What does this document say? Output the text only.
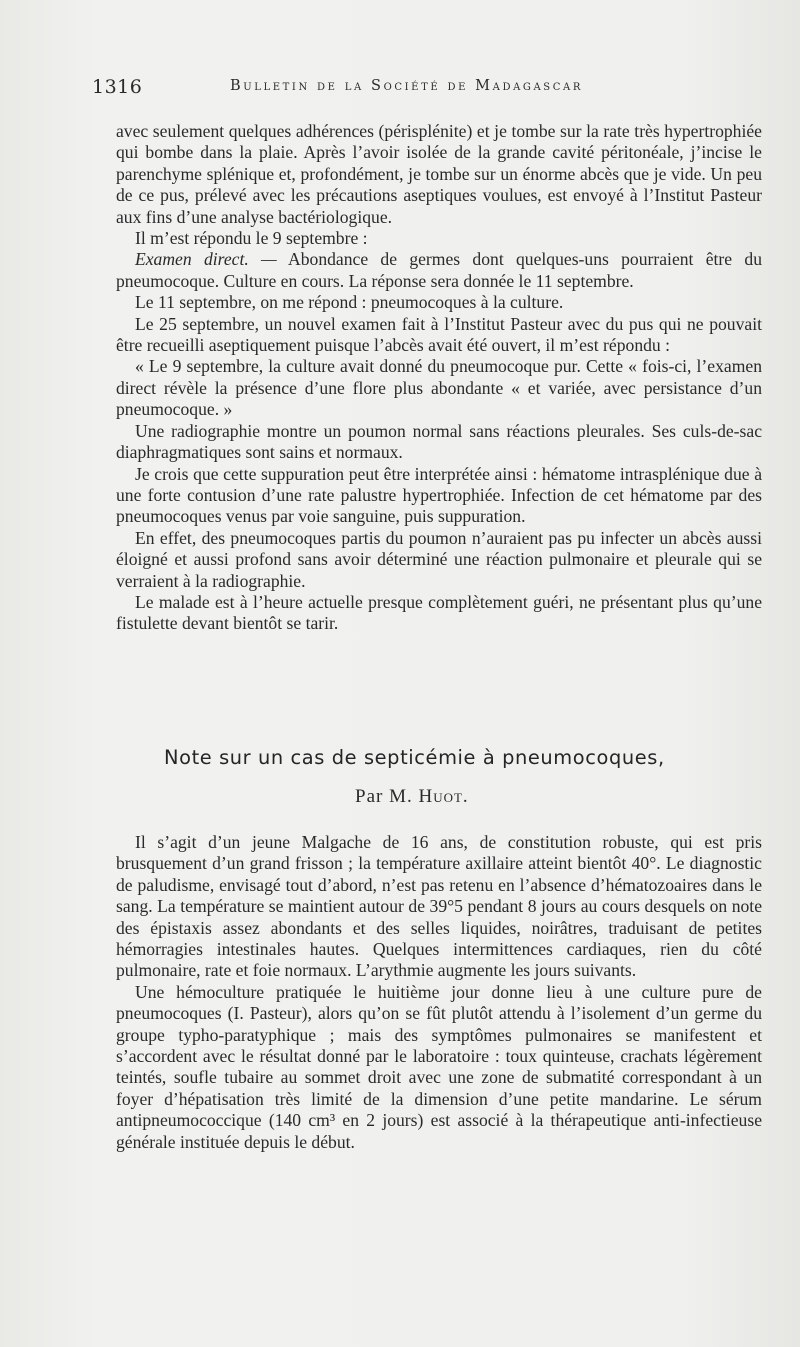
1316	Bulletin de la Société de Madagascar

avec seulement quelques adhérences (périsplénite) et je tombe sur la rate très hypertrophiée qui bombe dans la plaie. Après l’avoir isolée de la grande cavité péritonéale, j’incise le parenchyme splénique et, profondément, je tombe sur un énorme abcès que je vide. Un peu de ce pus, prélevé avec les précautions aseptiques voulues, est envoyé à l’Institut Pasteur aux fins d’une analyse bactériologique.

Il m’est répondu le 9 septembre :

Examen direct. — Abondance de germes dont quelques-uns pourraient être du pneumocoque. Culture en cours. La réponse sera donnée le 11 septembre.

Le 11 septembre, on me répond : pneumocoques à la culture.

Le 25 septembre, un nouvel examen fait à l’Institut Pasteur avec du pus qui ne pouvait être recueilli aseptiquement puisque l’abcès avait été ouvert, il m’est répondu :

« Le 9 septembre, la culture avait donné du pneumocoque pur. Cette « fois-ci, l’examen direct révèle la présence d’une flore plus abondante « et variée, avec persistance d’un pneumocoque. »

Une radiographie montre un poumon normal sans réactions pleurales. Ses culs-de-sac diaphragmatiques sont sains et normaux.

Je crois que cette suppuration peut être interprétée ainsi : hématome intrasplénique due à une forte contusion d’une rate palustre hypertrophiée. Infection de cet hématome par des pneumocoques venus par voie sanguine, puis suppuration.

En effet, des pneumocoques partis du poumon n’auraient pas pu infecter un abcès aussi éloigné et aussi profond sans avoir déterminé une réaction pulmonaire et pleurale qui se verraient à la radiographie.

Le malade est à l’heure actuelle presque complètement guéri, ne présentant plus qu’une fistulette devant bientôt se tarir.

Note sur un cas de septicémie à pneumocoques,
Par M. Huot.

Il s’agit d’un jeune Malgache de 16 ans, de constitution robuste, qui est pris brusquement d’un grand frisson ; la température axillaire atteint bientôt 40°. Le diagnostic de paludisme, envisagé tout d’abord, n’est pas retenu en l’absence d’hématozoaires dans le sang. La température se maintient autour de 39°5 pendant 8 jours au cours desquels on note des épistaxis assez abondants et des selles liquides, noirâtres, traduisant de petites hémorragies intestinales hautes. Quelques intermittences cardiaques, rien du côté pulmonaire, rate et foie normaux. L’arythmie augmente les jours suivants.

Une hémoculture pratiquée le huitième jour donne lieu à une culture pure de pneumocoques (I. Pasteur), alors qu’on se fût plutôt attendu à l’isolement d’un germe du groupe typho-paratyphique ; mais des symptômes pulmonaires se manifestent et s’accordent avec le résultat donné par le laboratoire : toux quinteuse, crachats légèrement teintés, soufle tubaire au sommet droit avec une zone de submatité correspondant à un foyer d’hépatisation très limité de la dimension d’une petite mandarine. Le sérum antipneumococcique (140 cm³ en 2 jours) est associé à la thérapeutique anti-infectieuse générale instituée depuis le début.
